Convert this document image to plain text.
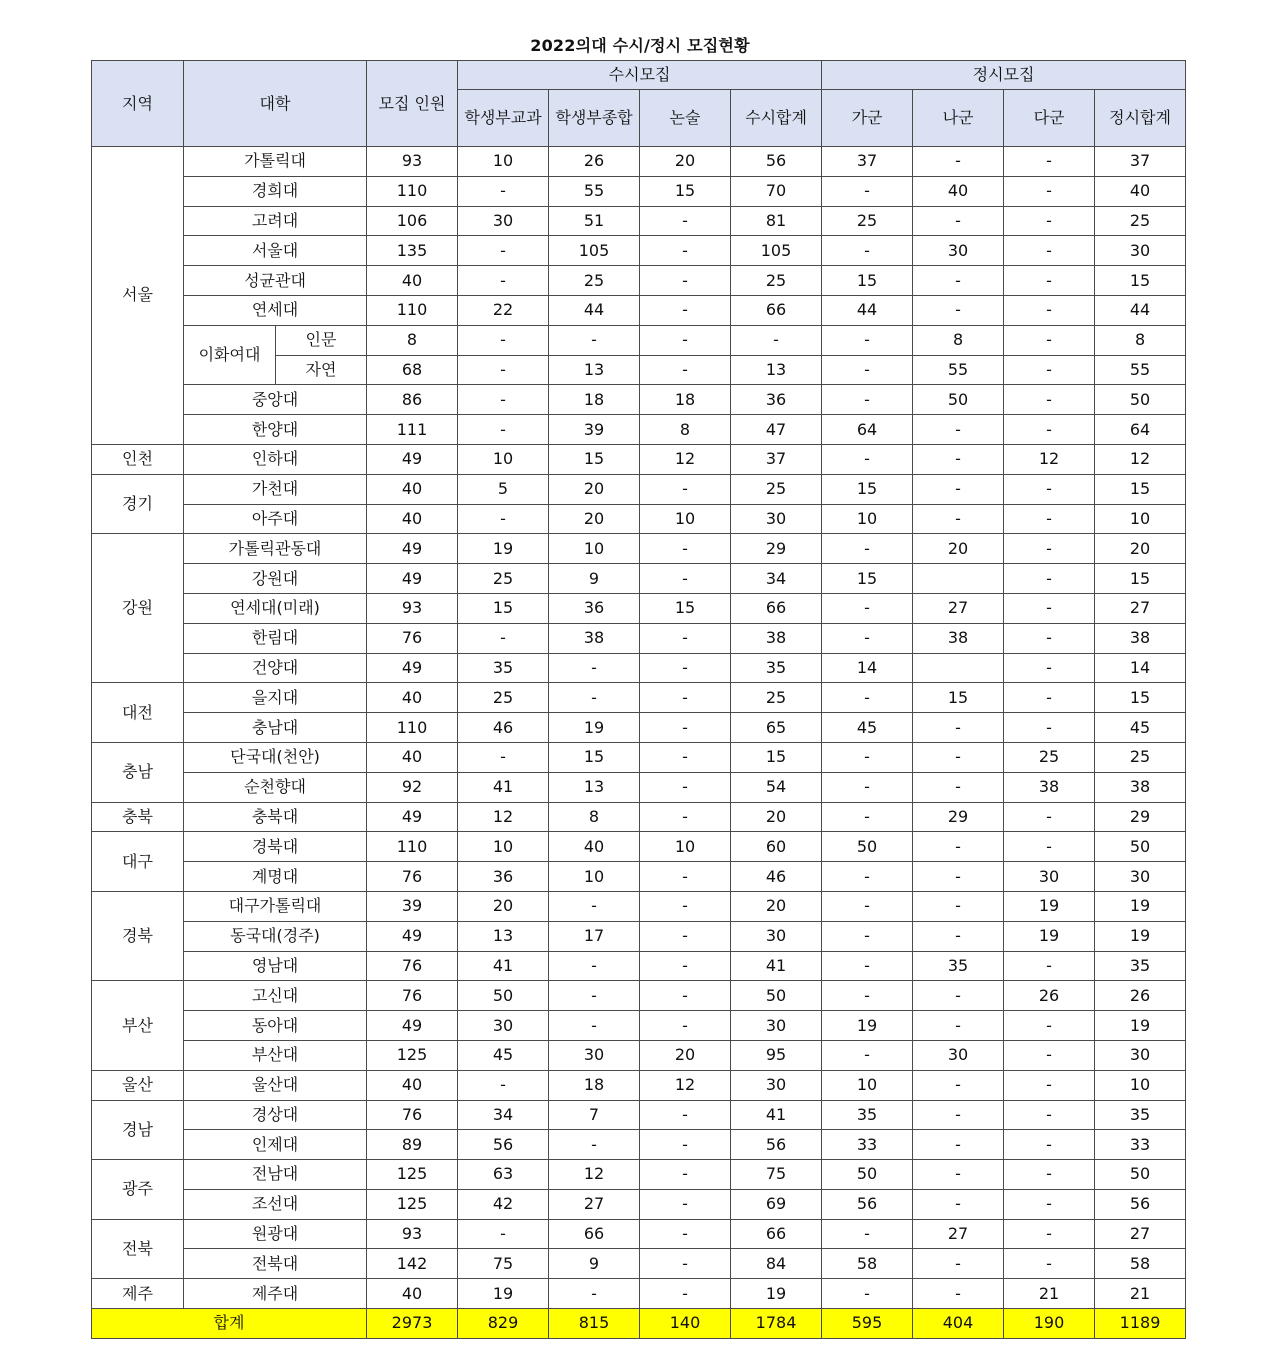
2022의대 수시/정시 모집현황
지역	대학		모집 인원	수시모집				정시모집			
				학생부교과	학생부종합	논술	수시합계	가군	나군	다군	정시합계
서울	가톨릭대		93	10	26	20	56	37	-	-	37
	경희대		110	-	55	15	70	-	40	-	40
	고려대		106	30	51	-	81	25	-	-	25
	서울대		135	-	105	-	105	-	30	-	30
	성균관대		40	-	25	-	25	15	-	-	15
	연세대		110	22	44	-	66	44	-	-	44
	이화여대	인문	8	-	-	-	-	-	8	-	8
		자연	68	-	13	-	13	-	55	-	55
	중앙대		86	-	18	18	36	-	50	-	50
	한양대		111	-	39	8	47	64	-	-	64
인천	인하대		49	10	15	12	37	-	-	12	12
경기	가천대		40	5	20	-	25	15	-	-	15
	아주대		40	-	20	10	30	10	-	-	10
강원	가톨릭관동대		49	19	10	-	29	-	20	-	20
	강원대		49	25	9	-	34	15		-	15
	연세대(미래)		93	15	36	15	66	-	27	-	27
	한림대		76	-	38	-	38	-	38	-	38
	건양대		49	35	-	-	35	14		-	14
대전	을지대		40	25	-	-	25	-	15	-	15
	충남대		110	46	19	-	65	45	-	-	45
충남	단국대(천안)		40	-	15	-	15	-	-	25	25
	순천향대		92	41	13	-	54	-	-	38	38
충북	충북대		49	12	8	-	20	-	29	-	29
대구	경북대		110	10	40	10	60	50	-	-	50
	계명대		76	36	10	-	46	-	-	30	30
경북	대구가톨릭대		39	20	-	-	20	-	-	19	19
	동국대(경주)		49	13	17	-	30	-	-	19	19
	영남대		76	41	-	-	41	-	35	-	35
부산	고신대		76	50	-	-	50	-	-	26	26
	동아대		49	30	-	-	30	19	-	-	19
	부산대		125	45	30	20	95	-	30	-	30
울산	울산대		40	-	18	12	30	10	-	-	10
경남	경상대		76	34	7	-	41	35	-	-	35
	인제대		89	56	-	-	56	33	-	-	33
광주	전남대		125	63	12	-	75	50	-	-	50
	조선대		125	42	27	-	69	56	-	-	56
전북	원광대		93	-	66	-	66	-	27	-	27
	전북대		142	75	9	-	84	58	-	-	58
제주	제주대		40	19	-	-	19	-	-	21	21
합계			2973	829	815	140	1784	595	404	190	1189
